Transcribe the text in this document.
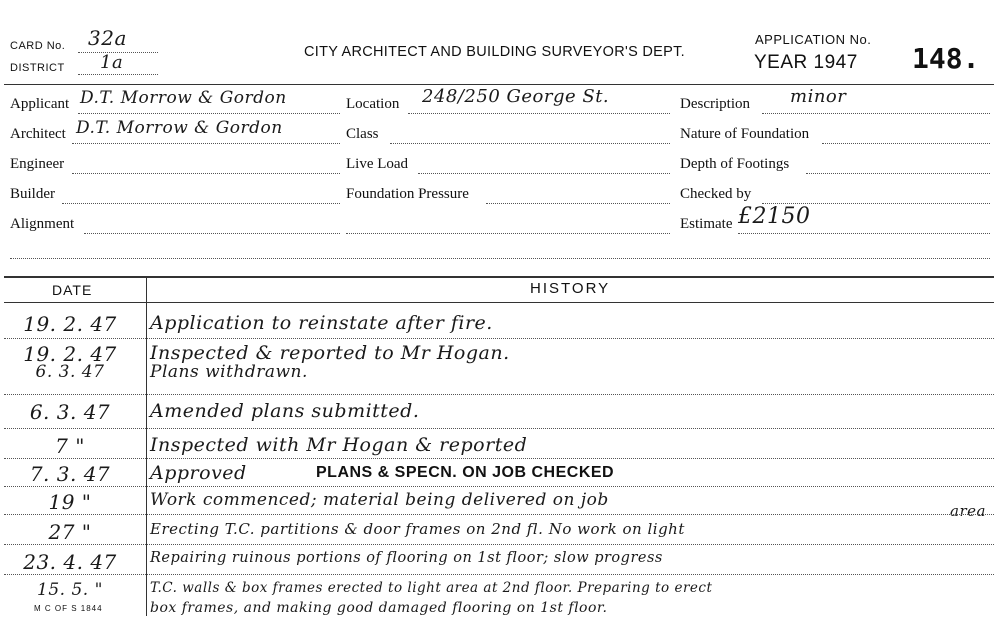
CARD No. 32a
DISTRICT 1a	CITY ARCHITECT AND BUILDING SURVEYOR'S DEPT.
APPLICATION No.
YEAR 1947 148.
Applicant D.T. Morrow & Gordon
Architect D.T. Morrow & Gordon
Engineer
Builder
Alignment
Location 248/250 George St.
Class
Live Load
Foundation Pressure
Description minor
Nature of Foundation
Depth of Footings
Checked by
Estimate £2150
DATE	HISTORY
19. 2. 47	Application to reinstate after fire.
19. 2. 47	Inspected & reported to Mr Hogan.
6. 3. 47	Plans withdrawn.
6. 3. 47	Amended plans submitted.
7 "	Inspected with Mr Hogan & reported
7. 3. 47	Approved	PLANS & SPECN. ON JOB CHECKED
19 "	Work commenced; material being delivered on job
27 "	Erecting T.C. partitions & door frames on 2nd fl. No work on light
area
23. 4. 47	Repairing ruinous portions of flooring on 1st floor; slow progress
15. 5. "	T.C. walls & box frames erected to light area at 2nd floor. Preparing to erect
box frames, and making good damaged flooring on 1st floor.
M C OF S 1844
